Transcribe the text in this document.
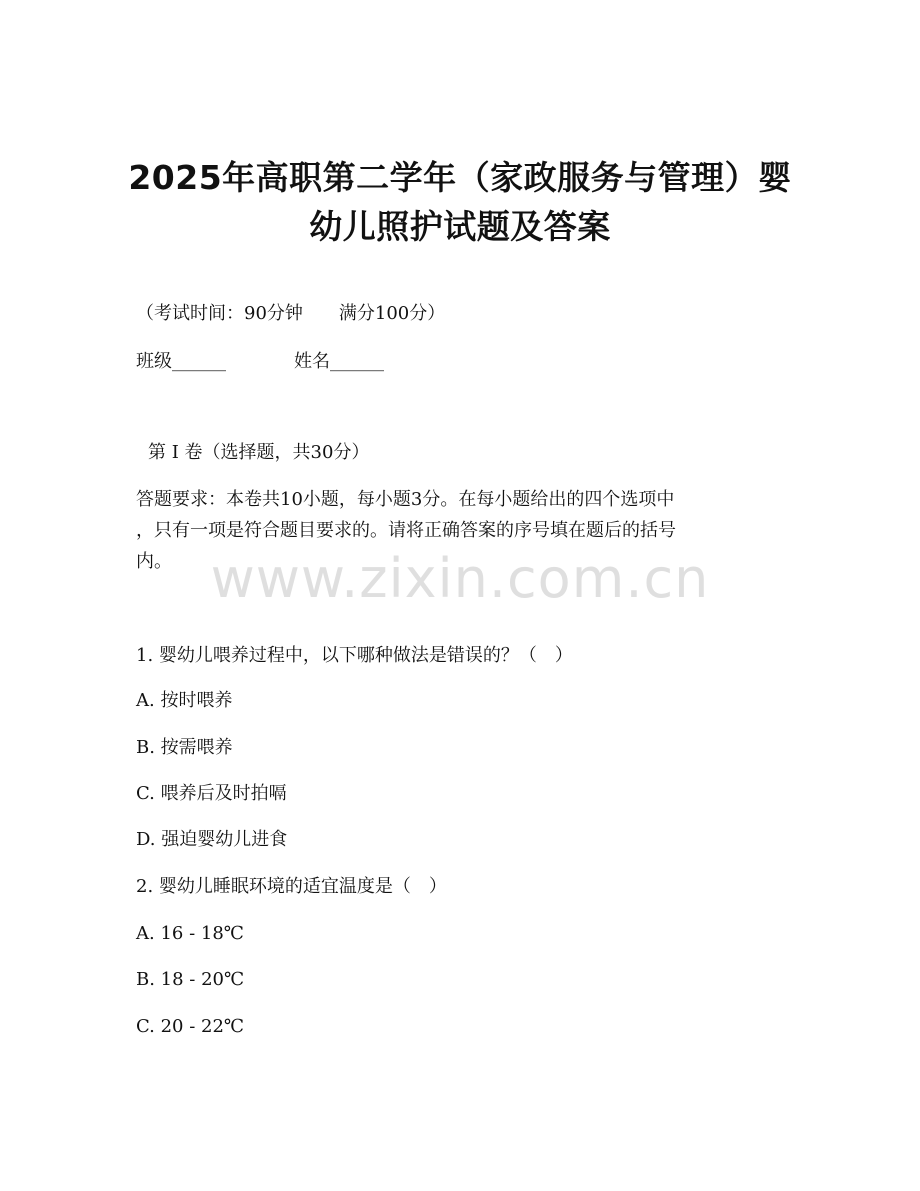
2025年高职第二学年（家政服务与管理）婴
幼儿照护试题及答案
（考试时间：90分钟　　满分100分）
班级______	姓名______
第 I 卷（选择题，共30分）
答题要求：本卷共10小题，每小题3分。在每小题给出的四个选项中
，只有一项是符合题目要求的。请将正确答案的序号填在题后的括号
内。 www.zixin.com.cn
1. 婴幼儿喂养过程中，以下哪种做法是错误的？（　）
A. 按时喂养
B. 按需喂养
C. 喂养后及时拍嗝
D. 强迫婴幼儿进食
2. 婴幼儿睡眠环境的适宜温度是（　）
A. 16 - 18℃
B. 18 - 20℃
C. 20 - 22℃
